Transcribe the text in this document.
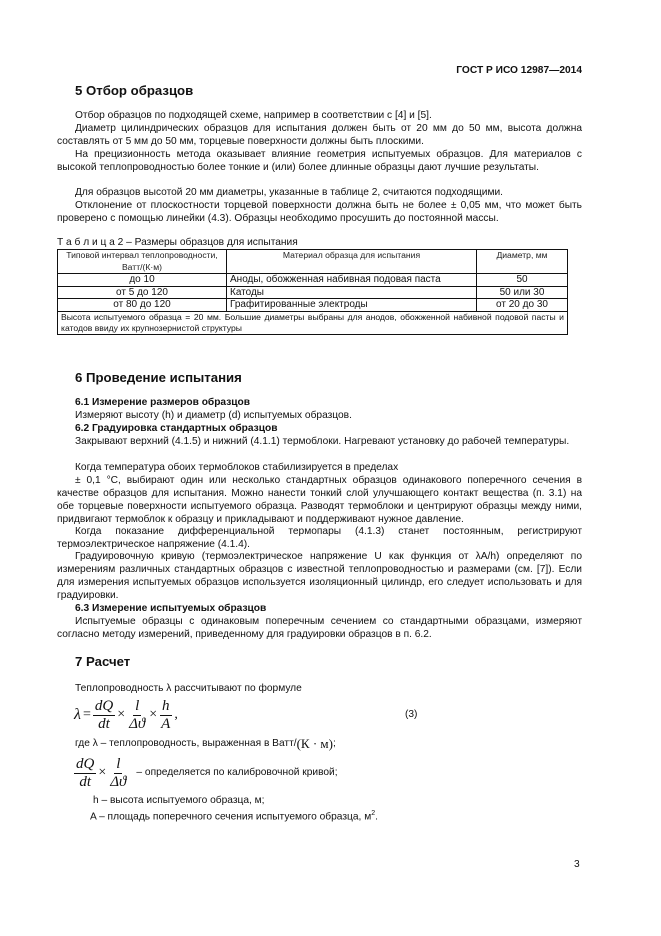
ГОСТ Р ИСО 12987—2014
5 Отбор образцов
Отбор образцов по подходящей схеме, например в соответствии с [4] и [5].
Диаметр цилиндрических образцов для испытания должен быть от 20 мм до 50 мм, высота должна составлять от 5 мм до 50 мм, торцевые поверхности должны быть плоскими.
На прецизионность метода оказывает влияние геометрия испытуемых образцов. Для материалов с высокой теплопроводностью более тонкие и (или) более длинные образцы дают лучшие результаты.
Для образцов высотой 20 мм диаметры, указанные в таблице 2, считаются подходящими.
Отклонение от плоскостности торцевой поверхности должна быть не более ± 0,05 мм, что может быть проверено с помощью линейки (4.3). Образцы необходимо просушить до постоянной массы.
Т а б л и ц а 2 – Размеры образцов для испытания
Типовой интервал теплопроводности, Ватт/(К·м)	Материал образца для испытания	Диаметр, мм
до 10	Аноды, обожженная набивная подовая паста	50
от 5 до 120	Катоды	50 или 30
от 80 до 120	Графитированные электроды	от 20 до 30
Высота испытуемого образца = 20 мм. Большие диаметры выбраны для анодов, обожженной набивной подовой пасты и катодов ввиду их крупнозернистой структуры		
6 Проведение испытания
6.1 Измерение размеров образцов
Измеряют высоту (h) и диаметр (d) испытуемых образцов.
6.2 Градуировка стандартных образцов
Закрывают верхний (4.1.5) и нижний (4.1.1) термоблоки. Нагревают установку до рабочей температуры.
Когда температура обоих термоблоков стабилизируется в пределах
± 0,1 °С, выбирают один или несколько стандартных образцов одинакового поперечного сечения в качестве образцов для испытания. Можно нанести тонкий слой улучшающего контакт вещества (п. 3.1) на обе торцевые поверхности испытуемого образца. Разводят термоблоки и центрируют образцы между ними, придвигают термоблок к образцу и прикладывают и поддерживают нужное давление.
Когда показание дифференциальной термопары (4.1.3) станет постоянным, регистрируют термоэлектрическое напряжение (4.1.4).
Градуировочную кривую (термоэлектрическое напряжение U как функция от λA/h) определяют по измерениям различных стандартных образцов с известной теплопроводностью и размерами (см. [7]). Если для измерения испытуемых образцов используется изоляционный цилиндр, его следует использовать и для градуировки.
6.3 Измерение испытуемых образцов
Испытуемые образцы с одинаковым поперечным сечением со стандартными образцами, измеряют согласно методу измерений, приведенному для градуировки образцов в п. 6.2.
7 Расчет
Теплопроводность λ рассчитывают по формуле
$\lambda = \frac{dQ}{dt} \times \frac{l}{\Delta ϑ} \times \frac{h}{A}$ ,	(3)
где λ – теплопроводность, выраженная в Ватт/ (К · м) ;
$\frac{dQ}{dt} \times \frac{l}{\Delta ϑ}$ – определяется по калибровочной кривой;
h – высота испытуемого образца, м;
A – площадь поперечного сечения испытуемого образца, $м^2$.
3
